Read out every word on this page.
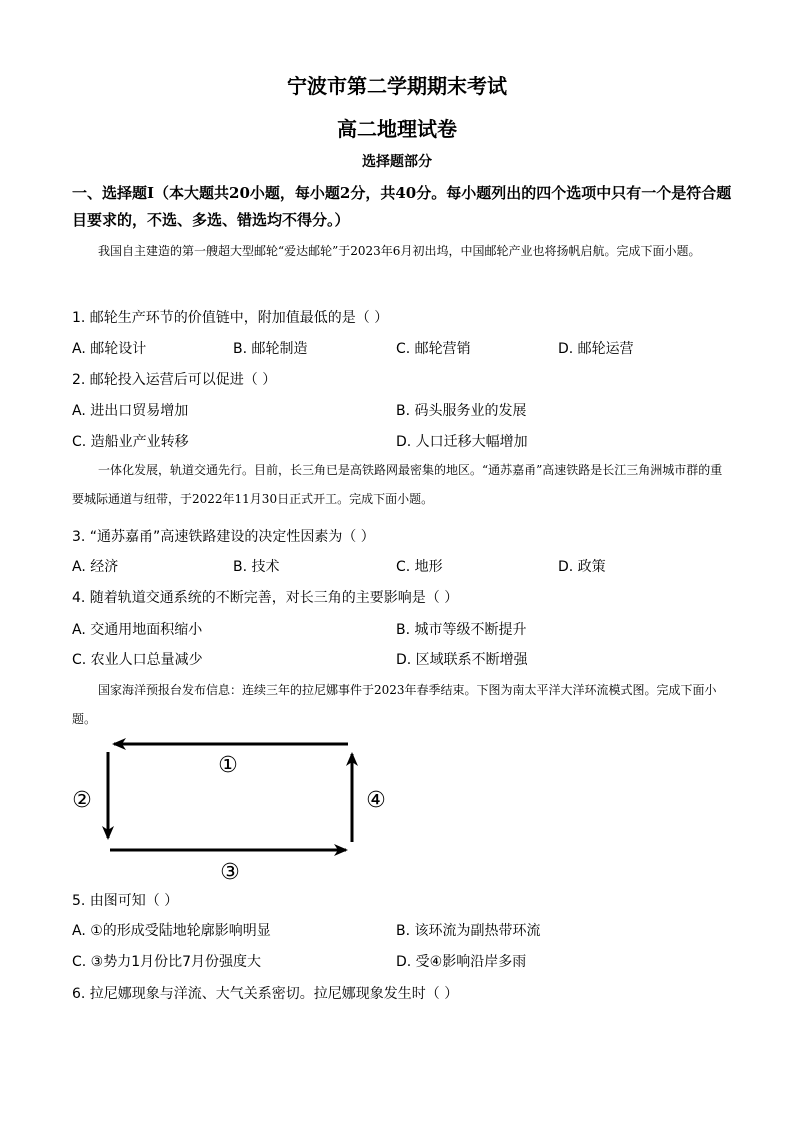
宁波市第二学期期末考试
高二地理试卷
选择题部分
一、选择题Ⅰ（本大题共20小题，每小题2分，共40分。每小题列出的四个选项中只有一个是符合题目要求的，不选、多选、错选均不得分。）
我国自主建造的第一艘超大型邮轮“爱达邮轮”于2023年6月初出坞，中国邮轮产业也将扬帆启航。完成下面小题。
1. 邮轮生产环节的价值链中，附加值最低的是（ ）
A. 邮轮设计	B. 邮轮制造	C. 邮轮营销	D. 邮轮运营
2. 邮轮投入运营后可以促进（ ）
A. 进出口贸易增加	B. 码头服务业的发展
C. 造船业产业转移	D. 人口迁移大幅增加
一体化发展，轨道交通先行。目前，长三角已是高铁路网最密集的地区。“通苏嘉甬”高速铁路是长江三角洲城市群的重要城际通道与纽带，于2022年11月30日正式开工。完成下面小题。
3. “通苏嘉甬”高速铁路建设的决定性因素为（ ）
A. 经济	B. 技术	C. 地形	D. 政策
4. 随着轨道交通系统的不断完善，对长三角的主要影响是（ ）
A. 交通用地面积缩小	B. 城市等级不断提升
C. 农业人口总量减少	D. 区域联系不断增强
国家海洋预报台发布信息：连续三年的拉尼娜事件于2023年春季结束。下图为南太平洋大洋环流模式图。完成下面小题。
①
②
③
④
5. 由图可知（ ）
A. ①的形成受陆地轮廓影响明显	B. 该环流为副热带环流
C. ③势力1月份比7月份强度大	D. 受④影响沿岸多雨
6. 拉尼娜现象与洋流、大气关系密切。拉尼娜现象发生时（ ）
